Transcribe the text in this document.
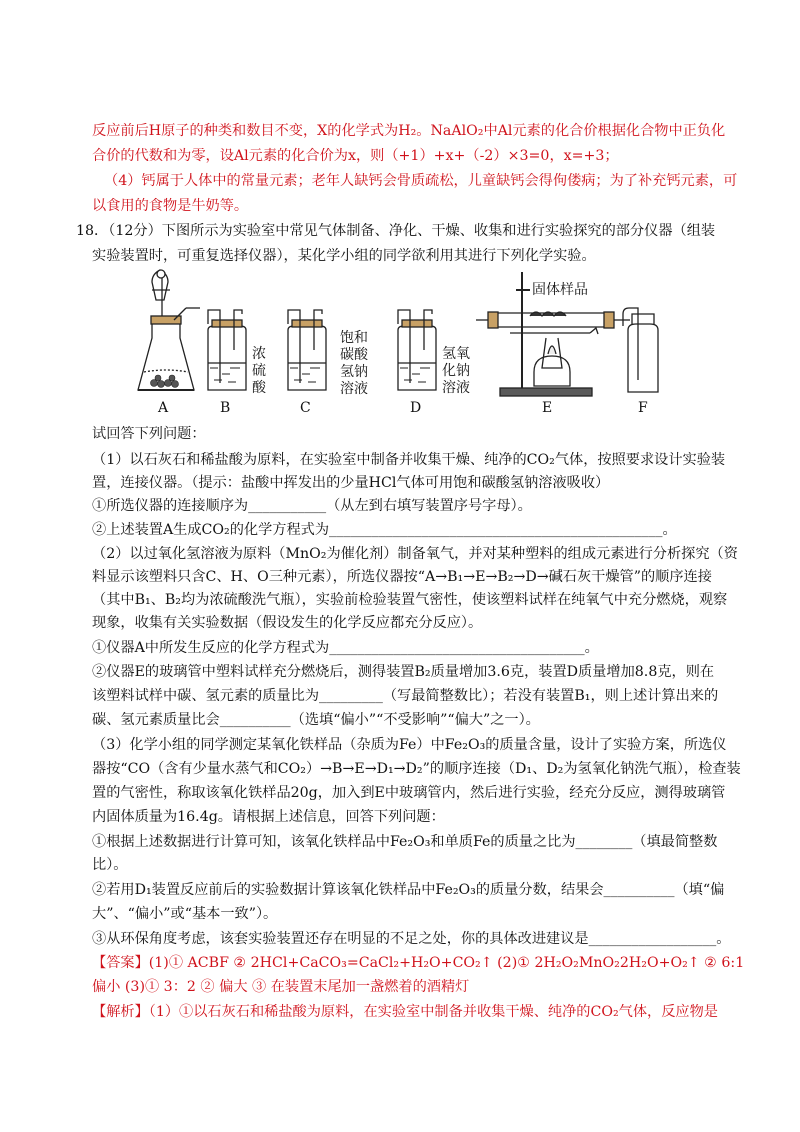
反应前后H原子的种类和数目不变，X的化学式为H₂。NaAlO₂中Al元素的化合价根据化合物中正负化
合价的代数和为零，设Al元素的化合价为x，则（+1）+x+（-2）×3=0，x=+3；
（4）钙属于人体中的常量元素；老年人缺钙会骨质疏松，儿童缺钙会得佝偻病；为了补充钙元素，可
以食用的食物是牛奶等。
18．（12分）下图所示为实验室中常见气体制备、净化、干燥、收集和进行实验探究的部分仪器（组装
实验装置时，可重复选择仪器），某化学小组的同学欲利用其进行下列化学实验。
A	B	C	D	E	F
浓
硫
酸
饱和
碳酸
氢钠
溶液
氢氧
化钠
溶液
固体样品
试回答下列问题：
（1）以石灰石和稀盐酸为原料，在实验室中制备并收集干燥、纯净的CO₂气体，按照要求设计实验装
置，连接仪器。（提示：盐酸中挥发出的少量HCl气体可用饱和碳酸氢钠溶液吸收）
①所选仪器的连接顺序为___________（从左到右填写装置序号字母）。
②上述装置A生成CO₂的化学方程式为_______________________________________________。
（2）以过氧化氢溶液为原料（MnO₂为催化剂）制备氧气，并对某种塑料的组成元素进行分析探究（资
料显示该塑料只含C、H、O三种元素），所选仪器按“A→B₁→E→B₂→D→碱石灰干燥管”的顺序连接
（其中B₁、B₂均为浓硫酸洗气瓶），实验前检验装置气密性，使该塑料试样在纯氧气中充分燃烧，观察
现象，收集有关实验数据（假设发生的化学反应都充分反应）。
①仪器A中所发生反应的化学方程式为____________________________________。
②仪器E的玻璃管中塑料试样充分燃烧后，测得装置B₂质量增加3.6克，装置D质量增加8.8克，则在
该塑料试样中碳、氢元素的质量比为_________（写最简整数比）；若没有装置B₁，则上述计算出来的
碳、氢元素质量比会__________（选填“偏小”“不受影响”“偏大”之一）。
（3）化学小组的同学测定某氧化铁样品（杂质为Fe）中Fe₂O₃的质量含量，设计了实验方案，所选仪
器按“CO（含有少量水蒸气和CO₂）→B→E→D₁→D₂”的顺序连接（D₁、D₂为氢氧化钠洗气瓶），检查装
置的气密性，称取该氧化铁样品20g，加入到E中玻璃管内，然后进行实验，经充分反应，测得玻璃管
内固体质量为16.4g。请根据上述信息，回答下列问题：
①根据上述数据进行计算可知，该氧化铁样品中Fe₂O₃和单质Fe的质量之比为________（填最简整数
比）。
②若用D₁装置反应前后的实验数据计算该氧化铁样品中Fe₂O₃的质量分数，结果会__________（填“偏
大”、“偏小”或“基本一致”）。
③从环保角度考虑，该套实验装置还存在明显的不足之处，你的具体改进建议是__________________。
【答案】(1)① ACBF ② 2HCl+CaCO₃=CaCl₂+H₂O+CO₂↑ (2)① 2H₂O₂MnO₂2H₂O+O₂↑ ② 6:1
偏小 (3)① 3：2 ② 偏大 ③ 在装置末尾加一盏燃着的酒精灯
【解析】（1）①以石灰石和稀盐酸为原料，在实验室中制备并收集干燥、纯净的CO₂气体，反应物是
